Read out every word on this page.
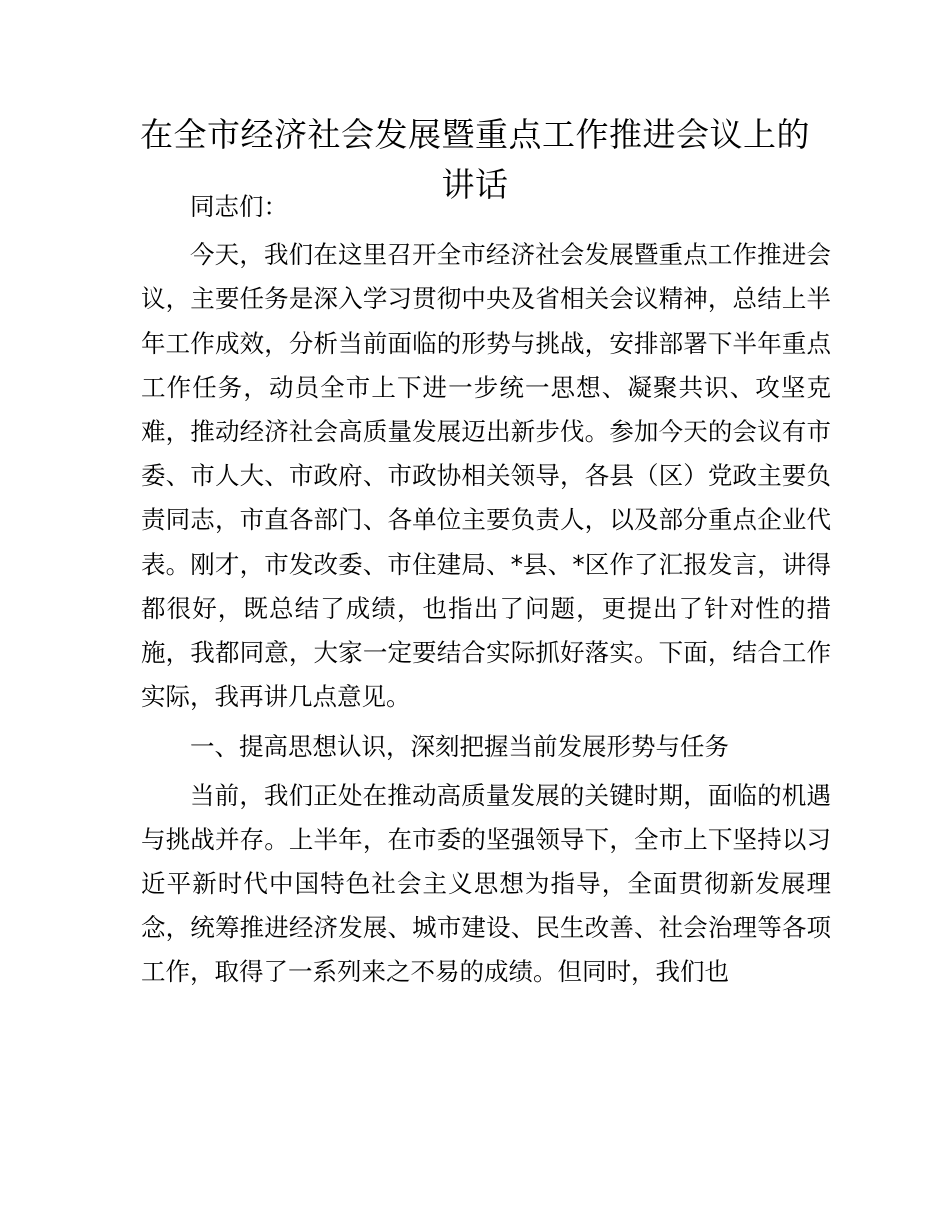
在全市经济社会发展暨重点工作推进会议上的
讲话

同志们：

今天，我们在这里召开全市经济社会发展暨重点工作推进会议，主要任务是深入学习贯彻中央及省相关会议精神，总结上半年工作成效，分析当前面临的形势与挑战，安排部署下半年重点工作任务，动员全市上下进一步统一思想、凝聚共识、攻坚克难，推动经济社会高质量发展迈出新步伐。参加今天的会议有市委、市人大、市政府、市政协相关领导，各县（区）党政主要负责同志，市直各部门、各单位主要负责人，以及部分重点企业代表。刚才，市发改委、市住建局、*县、*区作了汇报发言，讲得都很好，既总结了成绩，也指出了问题，更提出了针对性的措施，我都同意，大家一定要结合实际抓好落实。下面，结合工作实际，我再讲几点意见。

一、提高思想认识，深刻把握当前发展形势与任务

当前，我们正处在推动高质量发展的关键时期，面临的机遇与挑战并存。上半年，在市委的坚强领导下，全市上下坚持以习近平新时代中国特色社会主义思想为指导，全面贯彻新发展理念，统筹推进经济发展、城市建设、民生改善、社会治理等各项工作，取得了一系列来之不易的成绩。但同时，我们也
